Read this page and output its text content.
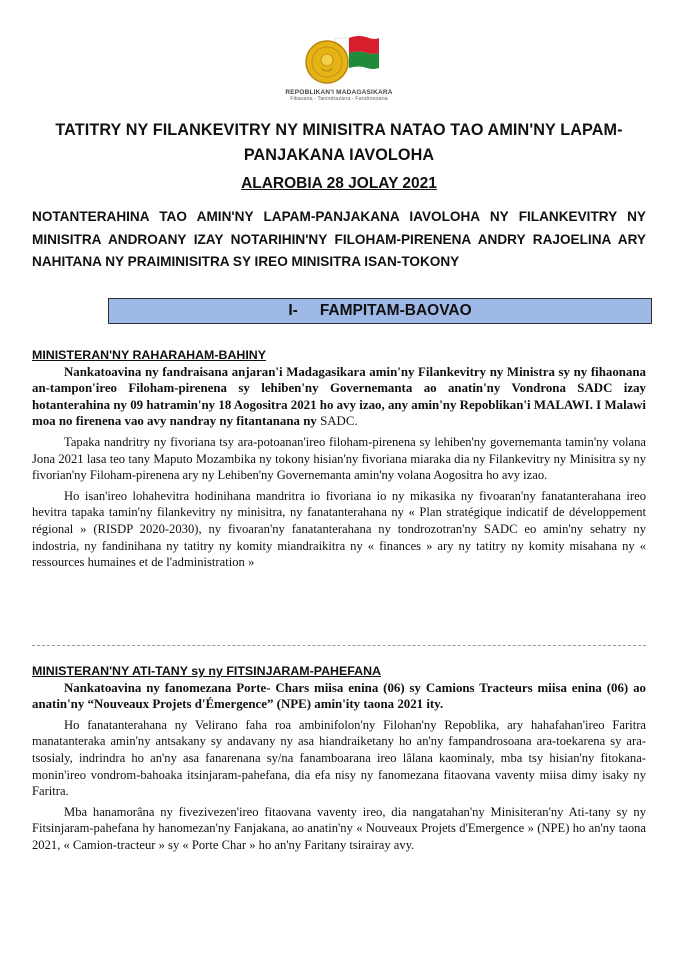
REPOBLIKAN'I MADAGASIKARA
Fitiavana - Tanindrazana - Fandrosoana
TATITRY NY FILANKEVITRY NY MINISITRA NATAO TAO AMIN'NY LAPAM-PANJAKANA IAVOLOHA
ALAROBIA 28 JOLAY 2021
NOTANTERAHINA TAO AMIN'NY LAPAM-PANJAKANA IAVOLOHA NY FILANKEVITRY NY MINISITRA ANDROANY IZAY NOTARIHIN'NY FILOHAM-PIRENENA ANDRY RAJOELINA ARY NAHITANA NY PRAIMINISITRA SY IREO MINISITRA ISAN-TOKONY
I- FAMPITAM-BAOVAO
MINISTERAN'NY RAHARAHAM-BAHINY

Nankatoavina ny fandraisana anjaran'i Madagasikara amin'ny Filankevitry ny Ministra sy ny fihaonana an-tampon'ireo Filoham-pirenena sy lehiben'ny Governemanta ao anatin'ny Vondrona SADC izay hotanterahina ny 09 hatramin'ny 18 Aogositra 2021 ho avy izao, any amin'ny Repoblikan'i MALAWI. I Malawi moa no firenena vao avy nandray ny fitantanana ny SADC.

Tapaka nandritry ny fivoriana tsy ara-potoanan'ireo filoham-pirenena sy lehiben'ny governemanta tamin'ny volana Jona 2021 lasa teo tany Maputo Mozambika ny tokony hisian'ny fivoriana miaraka dia ny Filankevitry ny Minisitra sy ny fivorian'ny Filoham-pirenena ary ny Lehiben'ny Governemanta amin'ny volana Aogositra ho avy izao.

Ho isan'ireo lohahevitra hodinihana mandritra io fivoriana io ny mikasika ny fivoaran'ny fanatanterahana ireo hevitra tapaka tamin'ny filankevitry ny minisitra, ny fanatanterahana ny « Plan stratégique indicatif de développement régional » (RISDP 2020-2030), ny fivoaran'ny fanatanterahana ny tondrozotran'ny SADC eo amin'ny sehatry ny indostria, ny fandinihana ny tatitry ny komity miandraikitra ny « finances » ary ny tatitry ny komity misahana ny « ressources humaines et de l'administration »

MINISTERAN'NY ATI-TANY sy ny FITSINJARAM-PAHEFANA

Nankatoavina ny fanomezana Porte- Chars miisa enina (06) sy Camions Tracteurs miisa enina (06) ao anatin'ny “Nouveaux Projets d'Émergence” (NPE) amin'ity taona 2021 ity.

Ho fanatanterahana ny Velirano faha roa ambinifolon'ny Filohan'ny Repoblika, ary hahafahan'ireo Faritra manatanteraka amin'ny antsakany sy andavany ny asa hiandraiketany ho an'ny fampandrosoana ara-toekarena sy ara-tsosialy, indrindra ho an'ny asa fanarenana sy/na fanamboarana ireo lâlana kaominaly, mba tsy hisian'ny fitokana-monin'ireo vondrom-bahoaka itsinjaram-pahefana, dia efa nisy ny fanomezana fitaovana vaventy miisa dimy isaky ny Faritra.

Mba hanamorâna ny fivezivezen'ireo fitaovana vaventy ireo, dia nangatahan'ny Minisiteran'ny Ati-tany sy ny Fitsinjaram-pahefana hy hanomezan'ny Fanjakana, ao anatin'ny « Nouveaux Projets d'Emergence » (NPE) ho an'ny taona 2021, « Camion-tracteur » sy « Porte Char » ho an'ny Faritany tsirairay avy.
